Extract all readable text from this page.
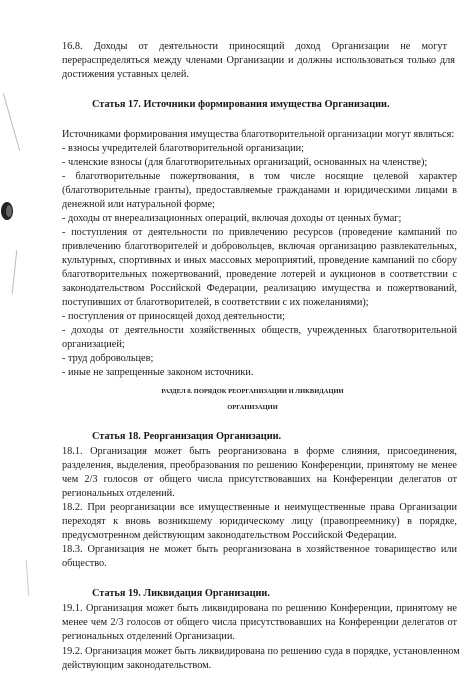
16.8. Доходы от деятельности приносящий доход Организации не могут

перераспределяться между членами Организации и должны использоваться только для

достижения уставных целей.

Статья 17. Источники формирования имущества Организации.

Источниками формирования имущества благотворительной организации могут являться:

- взносы учредителей благотворительной организации;

- членские взносы (для благотворительных организаций, основанных на членстве);

- благотворительные пожертвования, в том числе носящие целевой характер

(благотворительные гранты), предоставляемые гражданами и юридическими лицами в

денежной или натуральной форме;

- доходы от внереализационных операций, включая доходы от ценных бумаг;

- поступления от деятельности по привлечению ресурсов (проведение кампаний по

привлечению благотворителей и добровольцев, включая организацию развлекательных,

культурных, спортивных и иных массовых мероприятий, проведение кампаний по сбору

благотворительных пожертвований, проведение лотерей и аукционов в соответствии с

законодательством Российской Федерации, реализацию имущества и пожертвований,

поступивших от благотворителей, в соответствии с их пожеланиями);

- поступления от приносящей доход деятельности;

- доходы от деятельности хозяйственных обществ, учрежденных благотворительной

организацией;

- труд добровольцев;

- иные не запрещенные законом источники.

РАЗДЕЛ 8. ПОРЯДОК РЕОРГАНИЗАЦИИ И ЛИКВИДАЦИИ

ОРГАНИЗАЦИИ

Статья 18. Реорганизация Организации.

18.1. Организация может быть реорганизована в форме слияния, присоединения,

разделения, выделения, преобразования по решению Конференции, принятому не менее

чем 2/3 голосов от общего числа присутствовавших на Конференции делегатов от

региональных отделений.

18.2. При реорганизации все имущественные и неимущественные права Организации

переходят к вновь возникшему юридическому лицу (правопреемнику) в порядке,

предусмотренном действующим законодательством Российской Федерации.

18.3. Организация не может быть реорганизована в хозяйственное товарищество или

общество.

Статья 19. Ликвидация Организации.

19.1. Организация может быть ликвидирована по решению Конференции, принятому не

менее чем 2/3 голосов от общего числа присутствовавших на Конференции делегатов от

региональных отделений Организации.

19.2. Организация может быть ликвидирована по решению суда в порядке, установленном

действующим законодательством.
